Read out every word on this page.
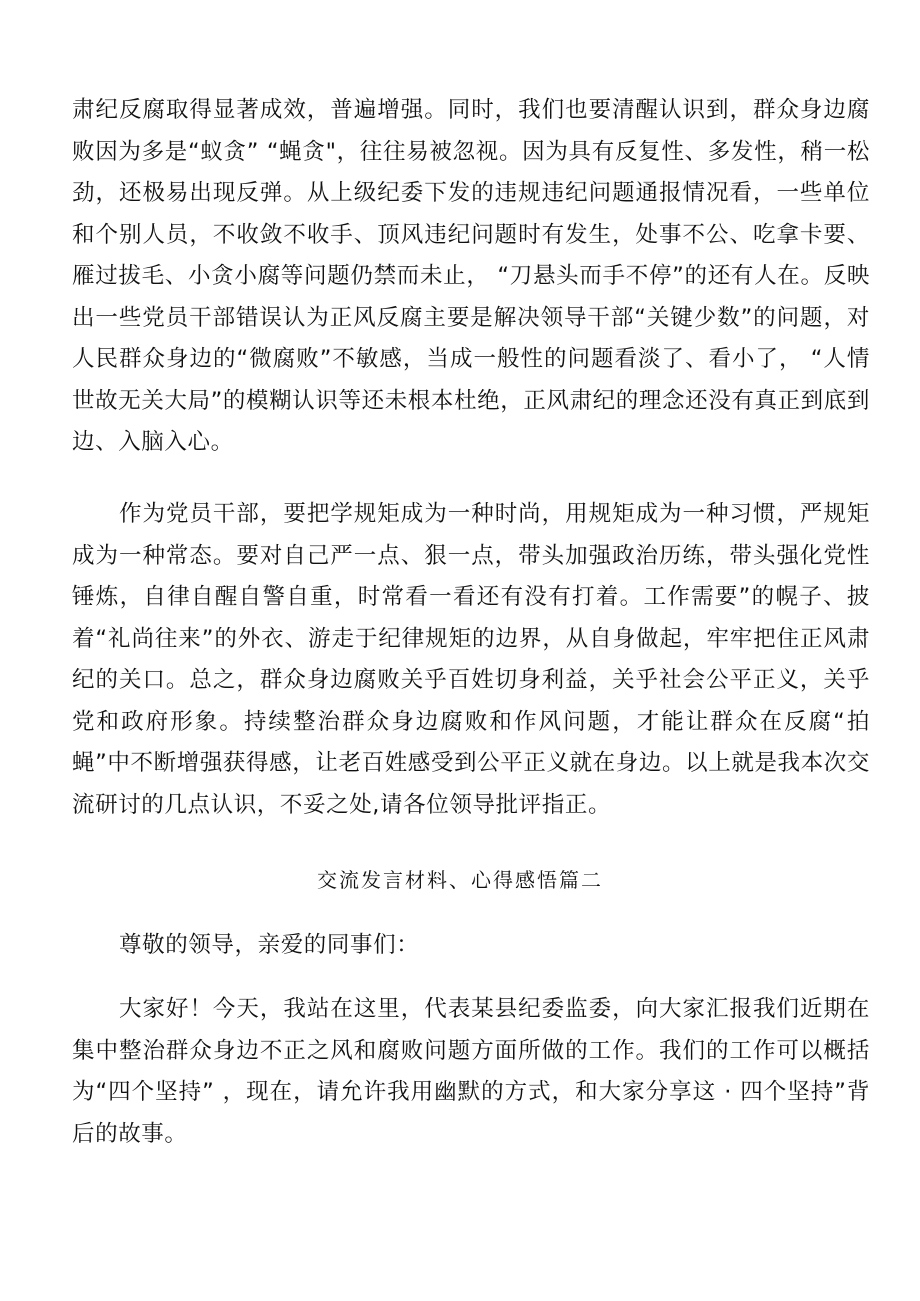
肃纪反腐取得显著成效，普遍增强。同时，我们也要清醒认识到，群众身边腐败因为多是“蚁贪” “蝇贪"，往往易被忽视。因为具有反复性、多发性，稍一松劲，还极易出现反弹。从上级纪委下发的违规违纪问题通报情况看，一些单位和个别人员，不收敛不收手、顶风违纪问题时有发生，处事不公、吃拿卡要、雁过拔毛、小贪小腐等问题仍禁而未止， “刀悬头而手不停”的还有人在。反映出一些党员干部错误认为正风反腐主要是解决领导干部“关键少数”的问题，对人民群众身边的“微腐败”不敏感，当成一般性的问题看淡了、看小了， “人情世故无关大局”的模糊认识等还未根本杜绝，正风肃纪的理念还没有真正到底到边、入脑入心。

作为党员干部，要把学规矩成为一种时尚，用规矩成为一种习惯，严规矩成为一种常态。要对自己严一点、狠一点，带头加强政治历练，带头强化党性锤炼，自律自醒自警自重，时常看一看还有没有打着。工作需要”的幌子、披着“礼尚往来”的外衣、游走于纪律规矩的边界，从自身做起，牢牢把住正风肃纪的关口。总之，群众身边腐败关乎百姓切身利益，关乎社会公平正义，关乎党和政府形象。持续整治群众身边腐败和作风问题，才能让群众在反腐“拍蝇”中不断增强获得感，让老百姓感受到公平正义就在身边。以上就是我本次交流研讨的几点认识，不妥之处,请各位领导批评指正。

交流发言材料、心得感悟篇二

尊敬的领导，亲爱的同事们：

大家好！今天，我站在这里，代表某县纪委监委，向大家汇报我们近期在集中整治群众身边不正之风和腐败问题方面所做的工作。我们的工作可以概括为“四个坚持” ，现在，请允许我用幽默的方式，和大家分享这 · 四个坚持”背后的故事。
